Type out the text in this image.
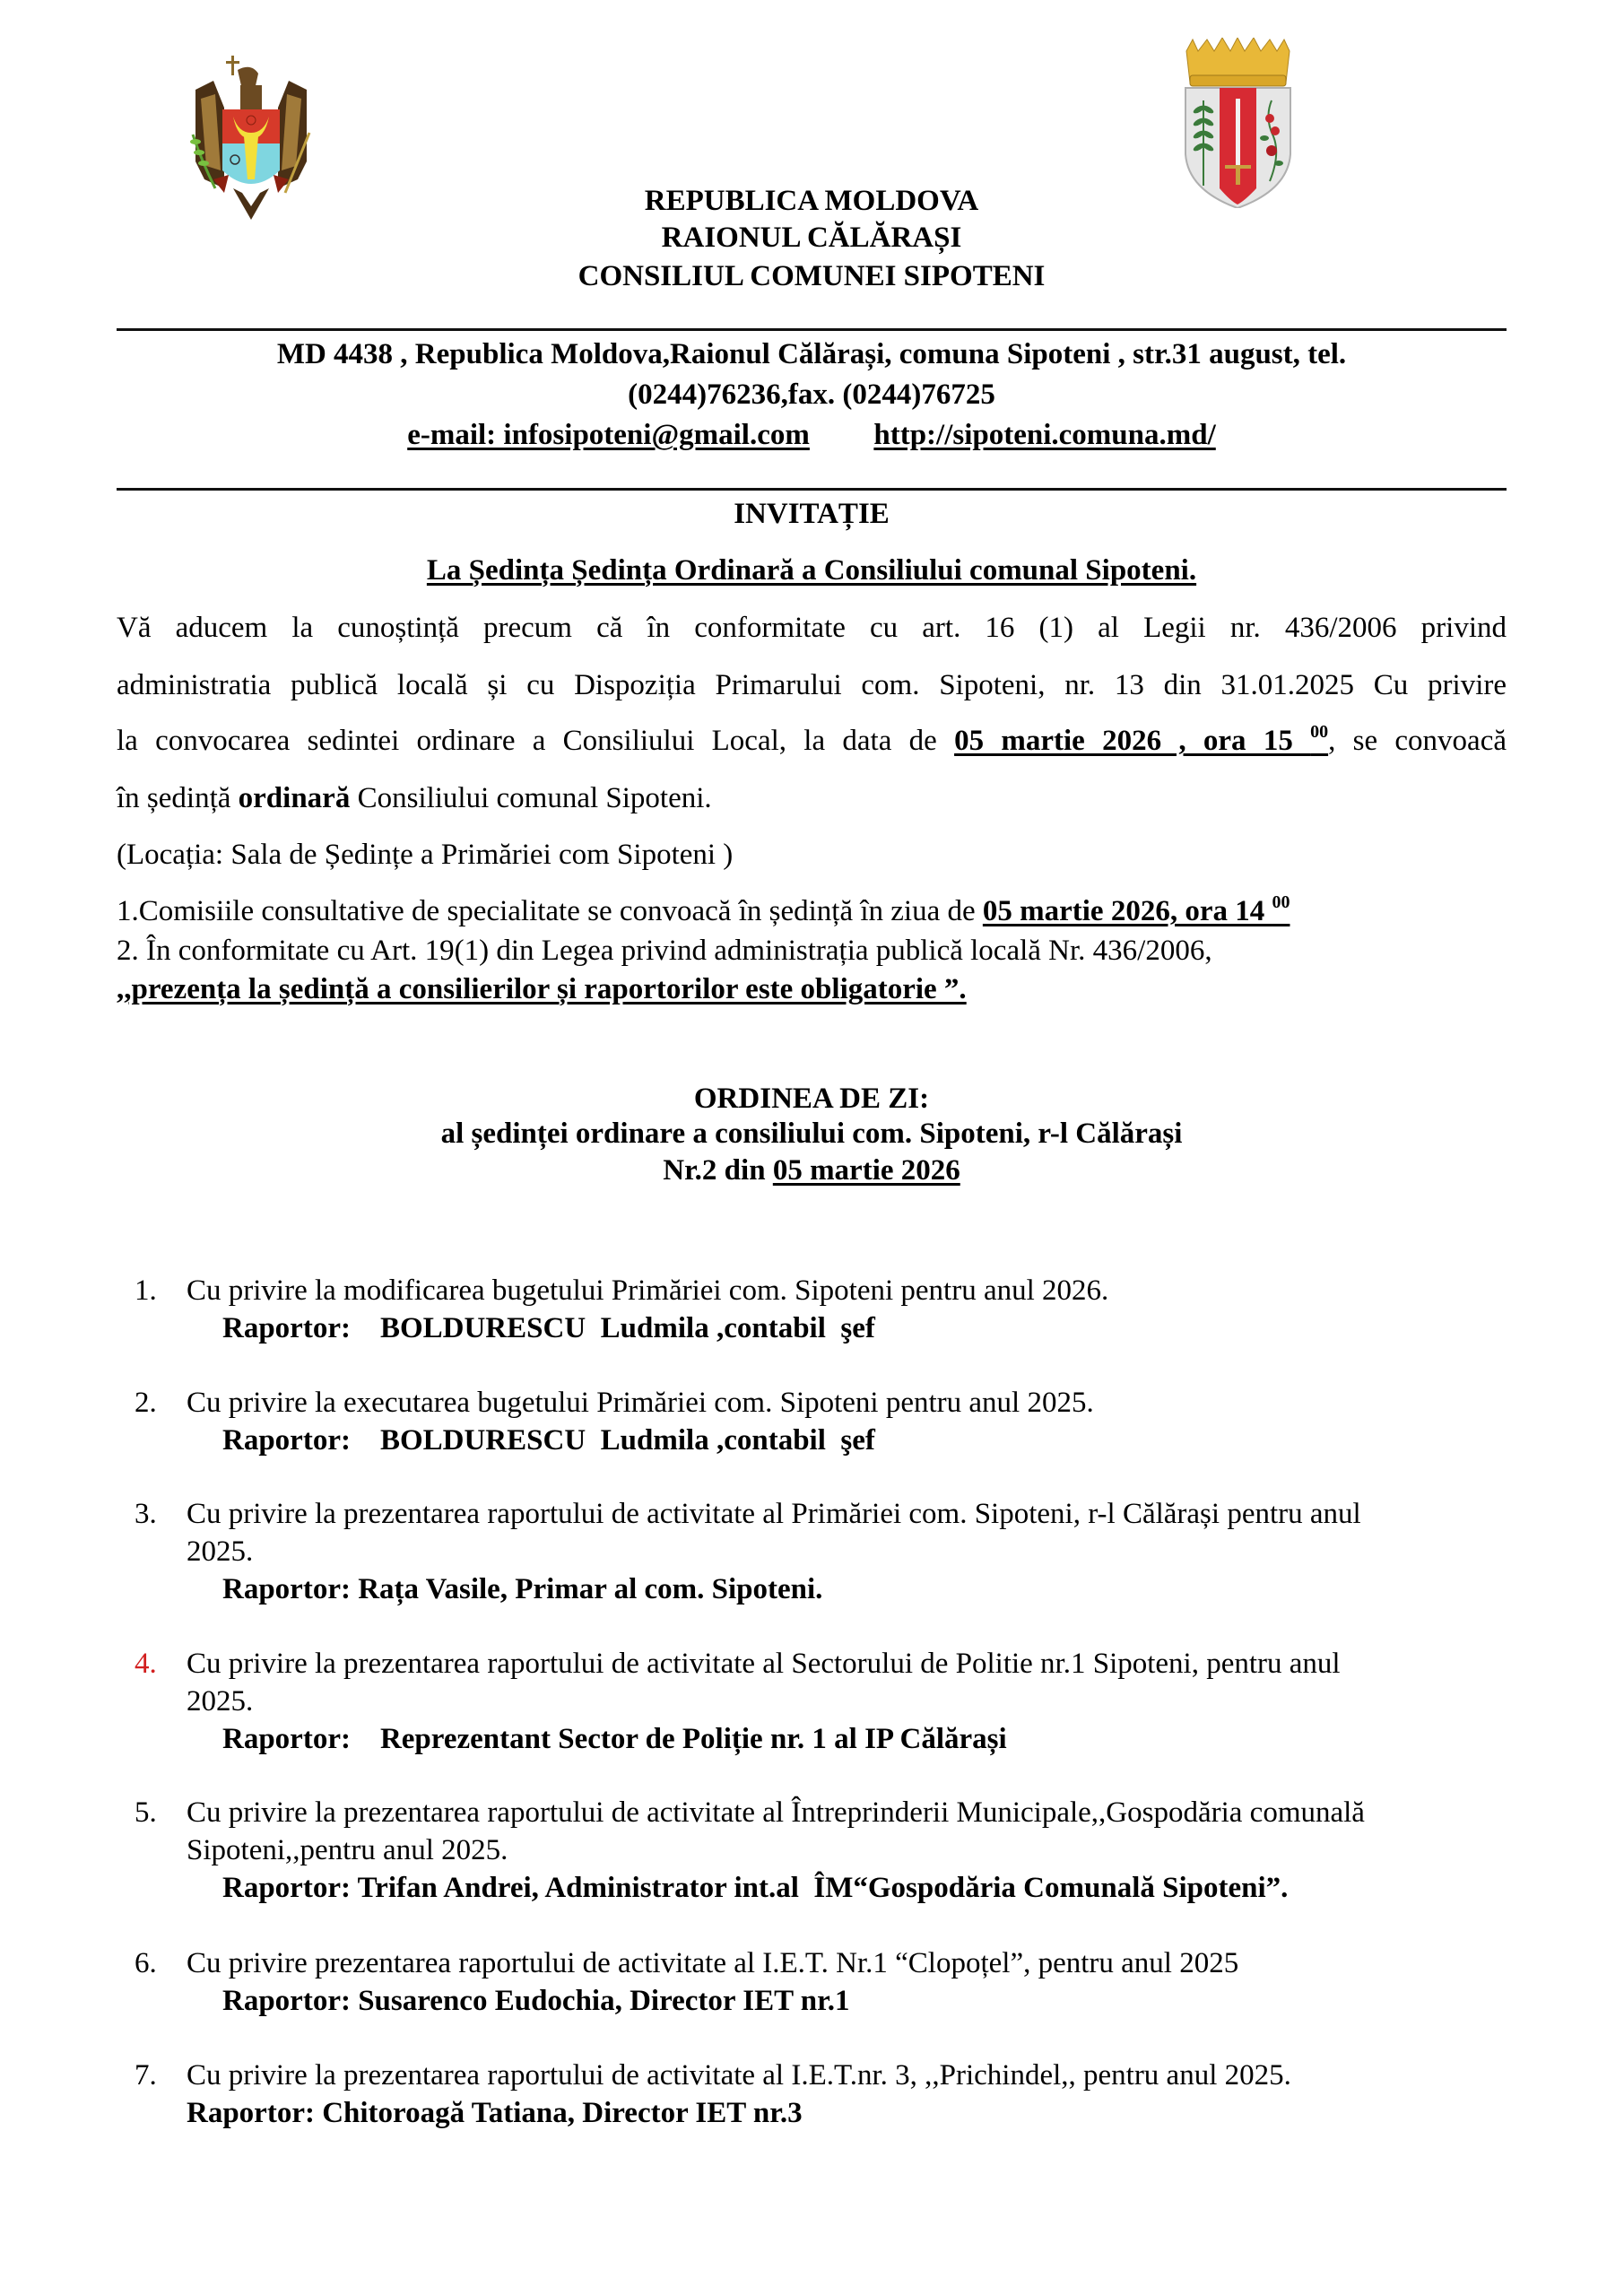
REPUBLICA MOLDOVA
RAIONUL CĂLĂRAȘI
CONSILIUL COMUNEI SIPOTENI
MD 4438 , Republica Moldova,Raionul Călărași, comuna Sipoteni , str.31 august, tel.
(0244)76236,fax. (0244)76725
e-mail: infosipoteni@gmail.com http://sipoteni.comuna.md/
INVITAȚIE
La Ședința Ședința Ordinară a Consiliului comunal Sipoteni.
Vă aducem la cunoștință precum că în conformitate cu art. 16 (1) al Legii nr. 436/2006 privind
administratia publică locală și cu Dispoziția Primarului com. Sipoteni, nr. 13 din 31.01.2025 Cu privire
la convocarea sedintei ordinare a Consiliului Local, la data de 05 martie 2026 , ora 15 $^{00}$, se convoacă
în ședință ordinară Consiliului comunal Sipoteni.
(Locația: Sala de Ședințe a Primăriei com Sipoteni )
1.Comisiile consultative de specialitate se convoacă în ședință în ziua de 05 martie 2026, ora 14 $^{00}$
2. În conformitate cu Art. 19(1) din Legea privind administrația publică locală Nr. 436/2006,
,,prezența la ședință a consilierilor și raportorilor este obligatorie ”.
ORDINEA DE ZI:
al ședinței ordinare a consiliului com. Sipoteni, r-l Călărași
Nr.2 din 05 martie 2026
1.	Cu privire la modificarea bugetului Primăriei com. Sipoteni pentru anul 2026.
Raportor:    BOLDURESCU  Ludmila ,contabil  şef
2.	Cu privire la executarea bugetului Primăriei com. Sipoteni pentru anul 2025.
Raportor:    BOLDURESCU  Ludmila ,contabil  şef
3.	Cu privire la prezentarea raportului de activitate al Primăriei com. Sipoteni, r-l Călărași pentru anul
2025.
Raportor: Rața Vasile, Primar al com. Sipoteni.
4.	Cu privire la prezentarea raportului de activitate al Sectorului de Politie nr.1 Sipoteni, pentru anul
2025.
Raportor:    Reprezentant Sector de Poliție nr. 1 al IP Călărași
5.	Cu privire la prezentarea raportului de activitate al Întreprinderii Municipale,,Gospodăria comunală
Sipoteni,,pentru anul 2025.
Raportor: Trifan Andrei, Administrator int.al  ÎM“Gospodăria Comunală Sipoteni”.
6.	Cu privire prezentarea raportului de activitate al I.E.T. Nr.1 “Clopoțel”, pentru anul 2025
Raportor: Susarenco Eudochia, Director IET nr.1
7.	Cu privire la prezentarea raportului de activitate al I.E.T.nr. 3, ,,Prichindel,, pentru anul 2025.
Raportor: Chitoroagă Tatiana, Director IET nr.3
